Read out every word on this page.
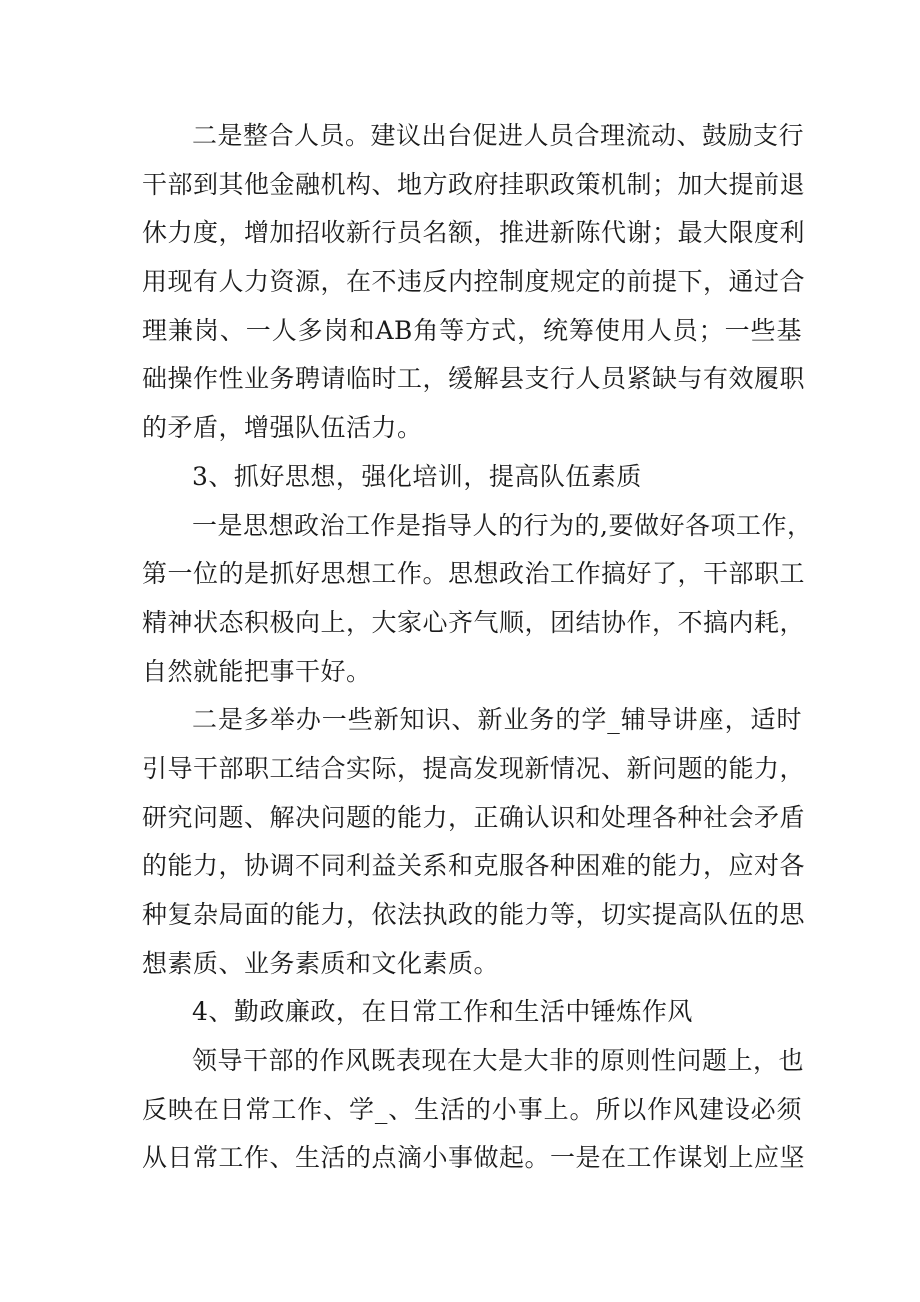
二是整合人员。建议出台促进人员合理流动、鼓励支行
干部到其他金融机构、地方政府挂职政策机制；加大提前退
休力度，增加招收新行员名额，推进新陈代谢；最大限度利
用现有人力资源，在不违反内控制度规定的前提下，通过合
理兼岗、一人多岗和AB角等方式，统筹使用人员；一些基
础操作性业务聘请临时工，缓解县支行人员紧缺与有效履职
的矛盾，增强队伍活力。
3、抓好思想，强化培训，提高队伍素质
一是思想政治工作是指导人的行为的,要做好各项工作，
第一位的是抓好思想工作。思想政治工作搞好了，干部职工
精神状态积极向上，大家心齐气顺，团结协作，不搞内耗，
自然就能把事干好。
二是多举办一些新知识、新业务的学_辅导讲座，适时
引导干部职工结合实际，提高发现新情况、新问题的能力，
研究问题、解决问题的能力，正确认识和处理各种社会矛盾
的能力，协调不同利益关系和克服各种困难的能力，应对各
种复杂局面的能力，依法执政的能力等，切实提高队伍的思
想素质、业务素质和文化素质。
4、勤政廉政，在日常工作和生活中锤炼作风
领导干部的作风既表现在大是大非的原则性问题上，也
反映在日常工作、学_、生活的小事上。所以作风建设必须
从日常工作、生活的点滴小事做起。一是在工作谋划上应坚
